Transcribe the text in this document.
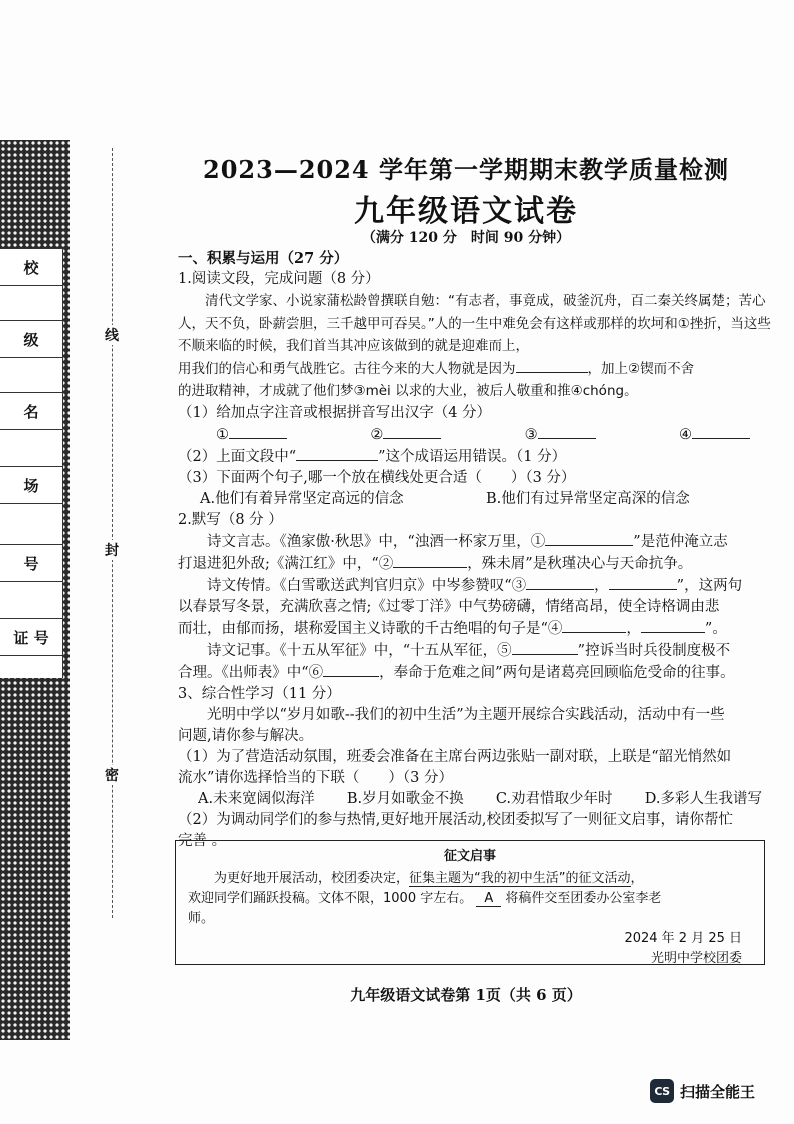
校
级
名
场
号
证 号
线
封
密
2023—2024 学年第一学期期末教学质量检测
九年级语文试卷
（满分 120 分　时间 90 分钟）

一、积累与运用（27 分）

1.阅读文段，完成问题（8 分）

清代文学家、小说家蒲松龄曾撰联自勉：“有志者，事竟成，破釜沉舟，百二秦关终属楚；苦心人，天不负，卧薪尝胆，三千越甲可吞吴。”人的一生中难免会有这样或那样的坎坷和①挫折，当这些不顺来临的时候，我们首当其冲应该做到的就是迎难而上，

用我们的信心和勇气战胜它。古往今来的大人物就是因为	，加上②锲而不舍

的进取精神，才成就了他们梦③mèi 以求的大业，被后人敬重和推④chóng。

（1）给加点字注音或根据拼音写出汉字（4 分）

①	②	③	④

（2）上面文段中“	”这个成语运用错误。（1 分）

（3）下面两个句子,哪一个放在横线处更合适（　　）（3 分）

A.他们有着异常坚定高远的信念	B.他们有过异常坚定高深的信念

2.默写（8 分 ）

诗文言志。《渔家傲·秋思》中，“浊酒一杯家万里，①	”是范仲淹立志

打退进犯外敌;《满江红》中，“②	，殊未屑”是秋瑾决心与天命抗争。

诗文传情。《白雪歌送武判官归京》中岑参赞叹“③	，	”，这两句

以春景写冬景，充满欣喜之情;《过零丁洋》中气势磅礴，情绪高昂，使全诗格调由悲

而壮，由郁而扬，堪称爱国主义诗歌的千古绝唱的句子是“④	，	”。

诗文记事。《十五从军征》中，“十五从军征，⑤	”控诉当时兵役制度极不

合理。《出师表》中“⑥	，奉命于危难之间”两句是诸葛亮回顾临危受命的往事。

3、综合性学习（11 分）

光明中学以“岁月如歌--我们的初中生活”为主题开展综合实践活动，活动中有一些

问题,请你参与解决。

（1）为了营造活动氛围，班委会准备在主席台两边张贴一副对联，上联是“韶光悄然如

流水”请你选择恰当的下联（　　）（3 分）

A.未来宽阔似海洋 B.岁月如歌金不换 C.劝君惜取少年时 D.多彩人生我谱写

（2）为调动同学们的参与热情,更好地开展活动,校团委拟写了一则征文启事，请你帮忙

完善 。

征文启事
为更好地开展活动，校团委决定，征集主题为“我的初中生活”的征文活动，
欢迎同学们踊跃投稿。文体不限，1000 字左右。 A 将稿件交至团委办公室李老
师。
2024 年 2 月 25 日
光明中学校团委
九年级语文试卷第 1页（共 6 页）
CS 扫描全能王
